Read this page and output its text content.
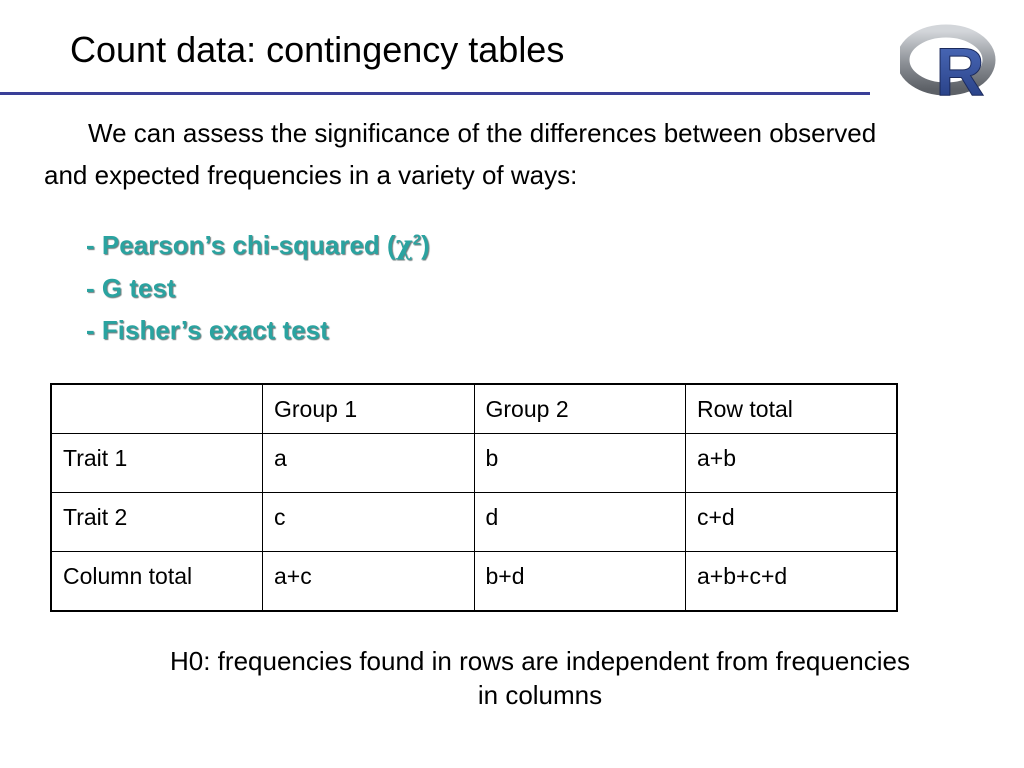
Count data: contingency tables	R
We can assess the significance of the differences between observed and expected frequencies in a variety of ways:
- Pearson’s chi-squared $(\chi^2)$
- G test
- Fisher’s exact test
	Group 1	Group 2	Row total
Trait 1	a	b	a+b
Trait 2	c	d	c+d
Column total	a+c	b+d	a+b+c+d
H0: frequencies found in rows are independent from frequencies
in columns
